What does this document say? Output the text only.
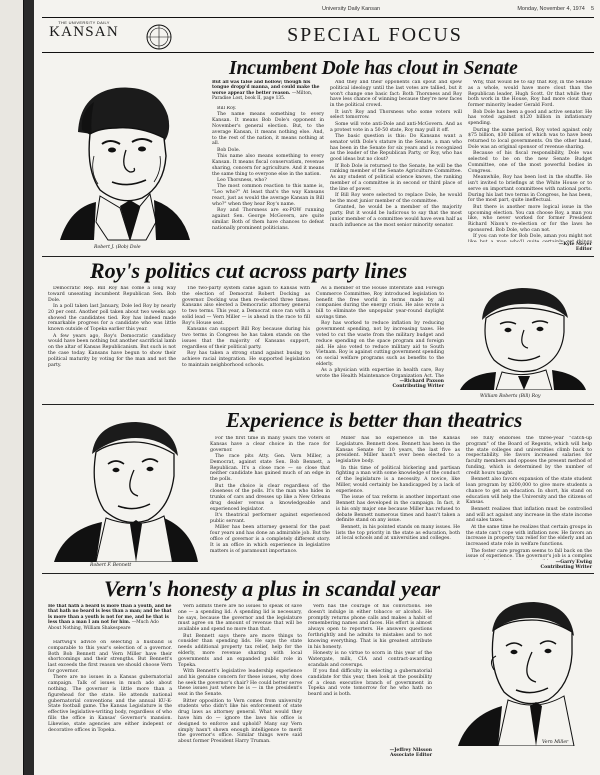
University Daily Kansan	Monday, November 4, 1974 5
THE UNIVERSITY DAILY
KANSAN	SPECIAL FOCUS
Incumbent Dole has clout in Senate
Robert J. (Bob) Dole
But all was false and hollow; though his tongue dropp'd manna, and could make the worse appear the better reason. —Milton, Paradise Lost, book II, page 135.

Bill Roy.

The name means something to every Kansan. It means Bob Dole's opponent in November's general election. But, to the average Kansan, it means nothing else. And, to the rest of the nation, it means nothing at all.

Bob Dole.

This name also means something to every Kansan. It means fiscal conservatism, revenue sharing, concern for agriculture. And it means the same thing to everyone else in the nation.

Leo Thorsness, who?

The most common reaction to this name is, "Leo who?" At least that's the way Kansans react, just as would the average Kansan in Bill who?" when they hear Roy's name.

Roy and Thorsness are ex-POW running against Sen. George McGovern, are quite similar. Both of them have chances to defeat nationally prominent politicians.

And they and their opponents can spout and spew political ideology until the last votes are tallied, but it won't change one basic fact: Both Thorsness and Roy have less chance of winning because they're new faces in the political crowd.

It isn't Roy and Thorsness who some voters will select tomorrow.

Some will vote anti-Dole and anti-McGovern. And as a protest vote in a 50-50 state, Roy may pull it off.

The basic question is this: Do Kansans want a senator with Dole's stature in the Senate, a man who has been in the Senate for six years and is recognized as the leader of the Republican Party, or Roy, who has good ideas but no clout?

If Bob Dole is returned to the Senate, he will be the ranking member of the Senate Agriculture Committee. As any student of political science knows, the ranking member of a committee is in second or third place of the line of power.

If Bill Roy were selected to replace Dole, he would be the most junior member of the committee.

Granted, he would be a member of the majority party. But it would be ludicrous to say that the most junior member of a committee would have even half as much influence as the most senior minority senator.

Why, that would be to say that Roy, in the Senate as a whole, would have more clout than the Republican leader, Hugh Scott. Or that while they both work in the House, Roy had more clout than former minority leader Gerald Ford.

Bob Dole has been a good and active senator. He has voted against $120 billion in inflationary spending.

During the same period, Roy voted against only $75 billion, $30 billion of which was to have been returned to local governments. On the other hand, Dole was an original sponsor of revenue sharing.

Because of his fiscal responsibility, Dole was selected to be on the new Senate Budget Committee, one of the most powerful bodies in Congress.

Meanwhile, Roy has been lost in the shuffle. He isn't invited to briefings at the White House or to serve on important committees with national ports. During his last two terms in Congress, he has been, for the most part, quite ineffectual.

But there is another more logical issue in the upcoming election. You can choose Roy, a man you like, who never worked for former President Richard Nixon's re-election or for the laws he sponsored. Bob Dole, who can not.

If you can vote for Bob Dole, aman you might not

—Kyle Meyer
Editor
Roy's politics cut across party lines

Democratic Rep. Bill Roy has come a long way toward unseating incumbent Republican Sen. Bob Dole.

In a poll taken last January, Dole led Roy by nearly 20 per cent. Another poll taken about two weeks ago showed the candidates tied. Roy has indeed made remarkable progress for a candidate who was little known outside of Topeka earlier this year.

A few years ago, Roy's Democratic candidacy would have been nothing but another sacrificial lamb on the altar of Kansas Republicanism. But such is not the case today. Kansans have begun to show their political maturity by voting for the man and not the party.

The two-party system came again to Kansas with the election of Democrat Robert Docking as governor. Docking was then re-elected three times. Kansans also elected a Democratic attorney general to two terms. This year, a Democrat once ran with a solid lead — Vern Miller — is ahead in the race to fill Roy's House seat.

Kansans can support Bill Roy because during his two terms in Congress he has taken stands on the issues that the majority of Kansans support, regardless of their political party.

Roy has taken a strong stand against busing to achieve racial integration. He supported legislation to maintain neighborhood schools.

As a member of the House Interstate and Foreign Commerce Committee, Roy introduced legislation to benefit the free world in terms made by all companies during the energy crisis. He also wrote a bill to eliminate the unpopular year-round daylight savings time.

Roy has worked to reduce inflation by reducing government spending, not by increasing taxes. He voted to cut the waste from the military budget and reduce spending on the space program and foreign aid. He also voted to reduce military aid to South Vietnam. Roy is against cutting government spending on social welfare programs such as benefits to the elderly.

As a physician with expertise in health care, Roy wrote the Health Maintenance Organization Act. The

—Richard Paxson
Contributing Writer
William Roberts (Bill) Roy
Experience is better than theatrics
Robert F. Bennett

For the first time in many years the voters of Kansas have a clear choice in the race for governor.

The race pits Atty. Gen. Vern Miller, a Democrat, against state Sen. Bob Bennett, a Republican. It's a close race — so close that neither candidate has gained much of an edge in the polls.

But the choice is clear regardless of the closeness of the polls. It's the man who hides in trunks of cars and dresses up like a New Orleans drug dealer versus a knowledgeable and experienced legislator.

It's theatrical performer against experienced public servant.

Miller has been attorney general for the past four years and has done an admirable job. But the office of governor is a completely different story. It is an office in which experience in legislative matters is of paramount importance.

Miller has no experience in the Kansas Legislature. Bennett does. Bennett has been in the Kansas Senate for 10 years, the last five as president. Miller hasn't ever been elected to a legislative body.

In this time of political bickering and partisan fighting a man with some knowledge of the conduct of the legislature is a necessity. A novice, like Miller, would certainly be handicapped by a lack of experience.

The issue of tax reform is another important one Bennett has developed in the campaign. In fact, it is his only major one because Miller has refused to debate Bennett numerous times and hasn't taken a definite stand on any issue.

Bennett, in his pointed stands on many issues. He lists the top priority in the state as education, both at local schools and at universities and colleges.

He fully endorses the three-year "catch-up program" of the Board of Regents, which will help the state colleges and universities climb back to respectability. He favors increased salaries for faculty members and opposes the present method of funding, which is determined by the number of credit hours taught.

Bennett also favors expansion of the state student loan program by $200,000 to give more students a chance to get an education. In short, his stand on education will help the University and the citizens of Kansas.

Bennett realizes that inflation must be controlled and will act against any increase in the state income and sales taxes.

At the same time he realizes that certain groups in the state can't cope with inflation now. He favors an increase in property tax relief for the elderly and an increased state role in welfare functions.

The foster care program seems to fall back on the issue of experience. The governor's job is a complex

—Garry Ewing
Contributing Writer
Vern's honesty a plus in scandal year
He that hath a beard is more than a youth, and he that hath no beard is less than a man; and he that is more than a youth is not for me, and he that is less than a man I am not for him. —Much Ado About Nothing, William Shakespeare

Hartwig's advice on selecting a husband is comparable to this year's selection of a governor. Both Bob Bennett and Vern Miller have their shortcomings and their strengths. But Bennett's last exceeds the first reason we should choose Vern for governor.

There are no issues in a Kansas gubernatorial campaign. Talk of issues in much ado about nothing. The governor is little more than a figurehead for the state. He attends national gubernatorial conventions and the annual KU-K-State football game. The Kansas Legislature is the effective legislative-writing body, regardless of who fills the office in Kansas' Governor's mansion. Likewise, state agencies are either indepent or decorative offices in Topeka.

Vern admits there are no issues to speak of save one — a spending lid. A spending lid is necessary, he says, because the governor and the legislature must agree on the amount of revenue that will be available and spend no more than that.

But Bennett says there are more things to consider than spending lids. He says the state needs additional property tax relief, help for the elderly, more revenue sharing with local governments and an expanded public role in Topeka.

With Bennett's legislative leadership experience and his genuine concern for these issues, why does he seek the governor's chair? He could better serve these issues just where he is — in the president's seat in the Senate.

Bitter opposition to Vern comes from university students who didn't like his enforcement of state drug laws as attorney general. What would they have him do — ignore the laws his office is designed to enforce and uphold? Many say Vern simply hasn't shown enough intelligence to merit the governor's office. Similar things were said about former President Harry Truman.

Vern has the courage of his convictions. He doesn't indulge in either tobacco or alcohol. He promptly returns phone calls and makes a habit of remembering names and faces. His effort is almost always open to reporters. He answers questions forthrightly and he admits to mistakes and to not knowing everything. That is his greatest attribute in his honesty.

Honesty is no virtue to scorn in this year of the Watergate, milk, CIA and contract-awarding scandals and coverups.

If you find difficulty in selecting a gubernatorial candidate for this year, then look at the possibility of a clean executive branch of government in Topeka and vote tomorrow for he who hath no beard and is both.

—Jeffrey Nilsson
Associate Editor
Vern Miller
